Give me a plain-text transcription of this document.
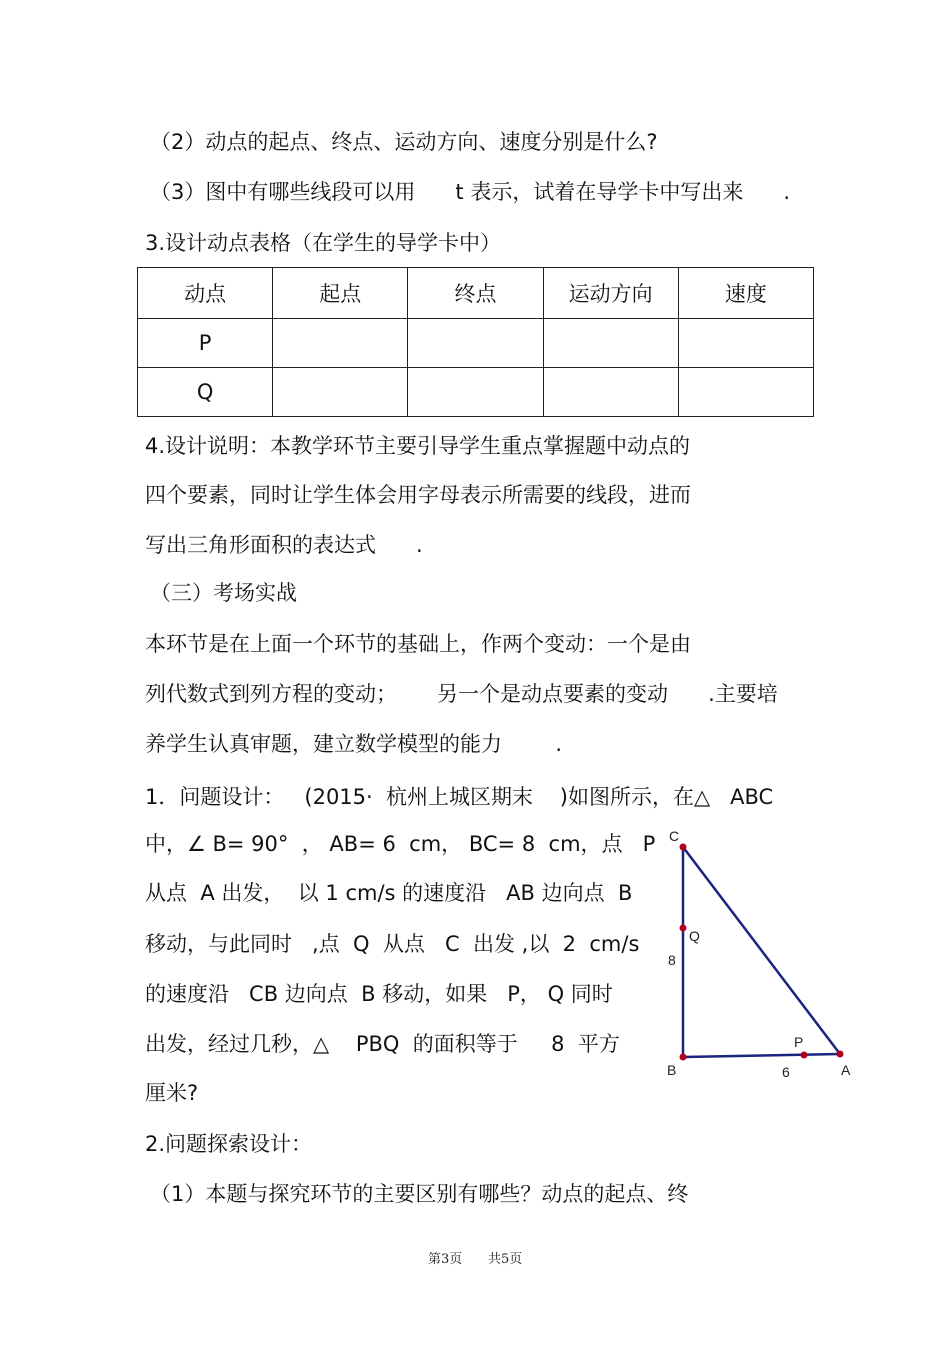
（2）动点的起点、终点、运动方向、速度分别是什么?
（3）图中有哪些线段可以用      t 表示，试着在导学卡中写出来      .
3.设计动点表格（在学生的导学卡中）
动点	起点	终点	运动方向	速度
P				
Q				
4.设计说明：本教学环节主要引导学生重点掌握题中动点的
四个要素，同时让学生体会用字母表示所需要的线段，进而
写出三角形面积的表达式      .
（三）考场实战
本环节是在上面一个环节的基础上，作两个变动：一个是由
列代数式到列方程的变动；      另一个是动点要素的变动      .主要培
养学生认真审题，建立数学模型的能力        .
1．问题设计：   (2015·  杭州上城区期末    )如图所示，在△   ABC
中，∠ B= 90°  ， AB= 6  cm， BC= 8  cm，点   P
从点  A 出发，  以 1 cm/s 的速度沿   AB 边向点  B
移动，与此同时   ,点  Q  从点   C  出发 ,以  2  cm/s
的速度沿   CB 边向点  B 移动，如果   P， Q 同时
出发，经过几秒，△    PBQ  的面积等于     8  平方
厘米?
2.问题探索设计：
（1）本题与探究环节的主要区别有哪些？动点的起点、终
C
Q
8
B
P
6	A
第3页 共5页
